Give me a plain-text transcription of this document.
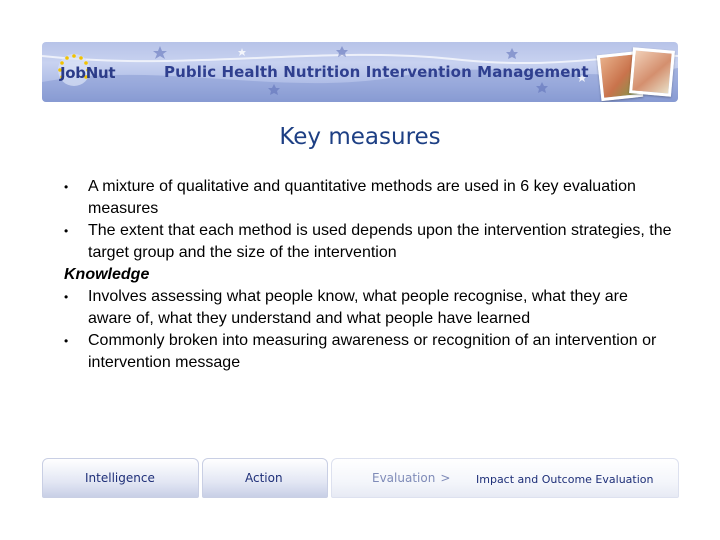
JobNut	Public Health Nutrition Intervention Management
Key measures
• A mixture of qualitative and quantitative methods are used in 6 key evaluation measures
• The extent that each method is used depends upon the intervention strategies, the target group and the size of the intervention
Knowledge
• Involves assessing what people know, what people recognise, what they are aware of, what they understand and what people have learned
• Commonly broken into measuring awareness or recognition of an intervention or intervention message
Intelligence	Action	Evaluation > Impact and Outcome Evaluation
